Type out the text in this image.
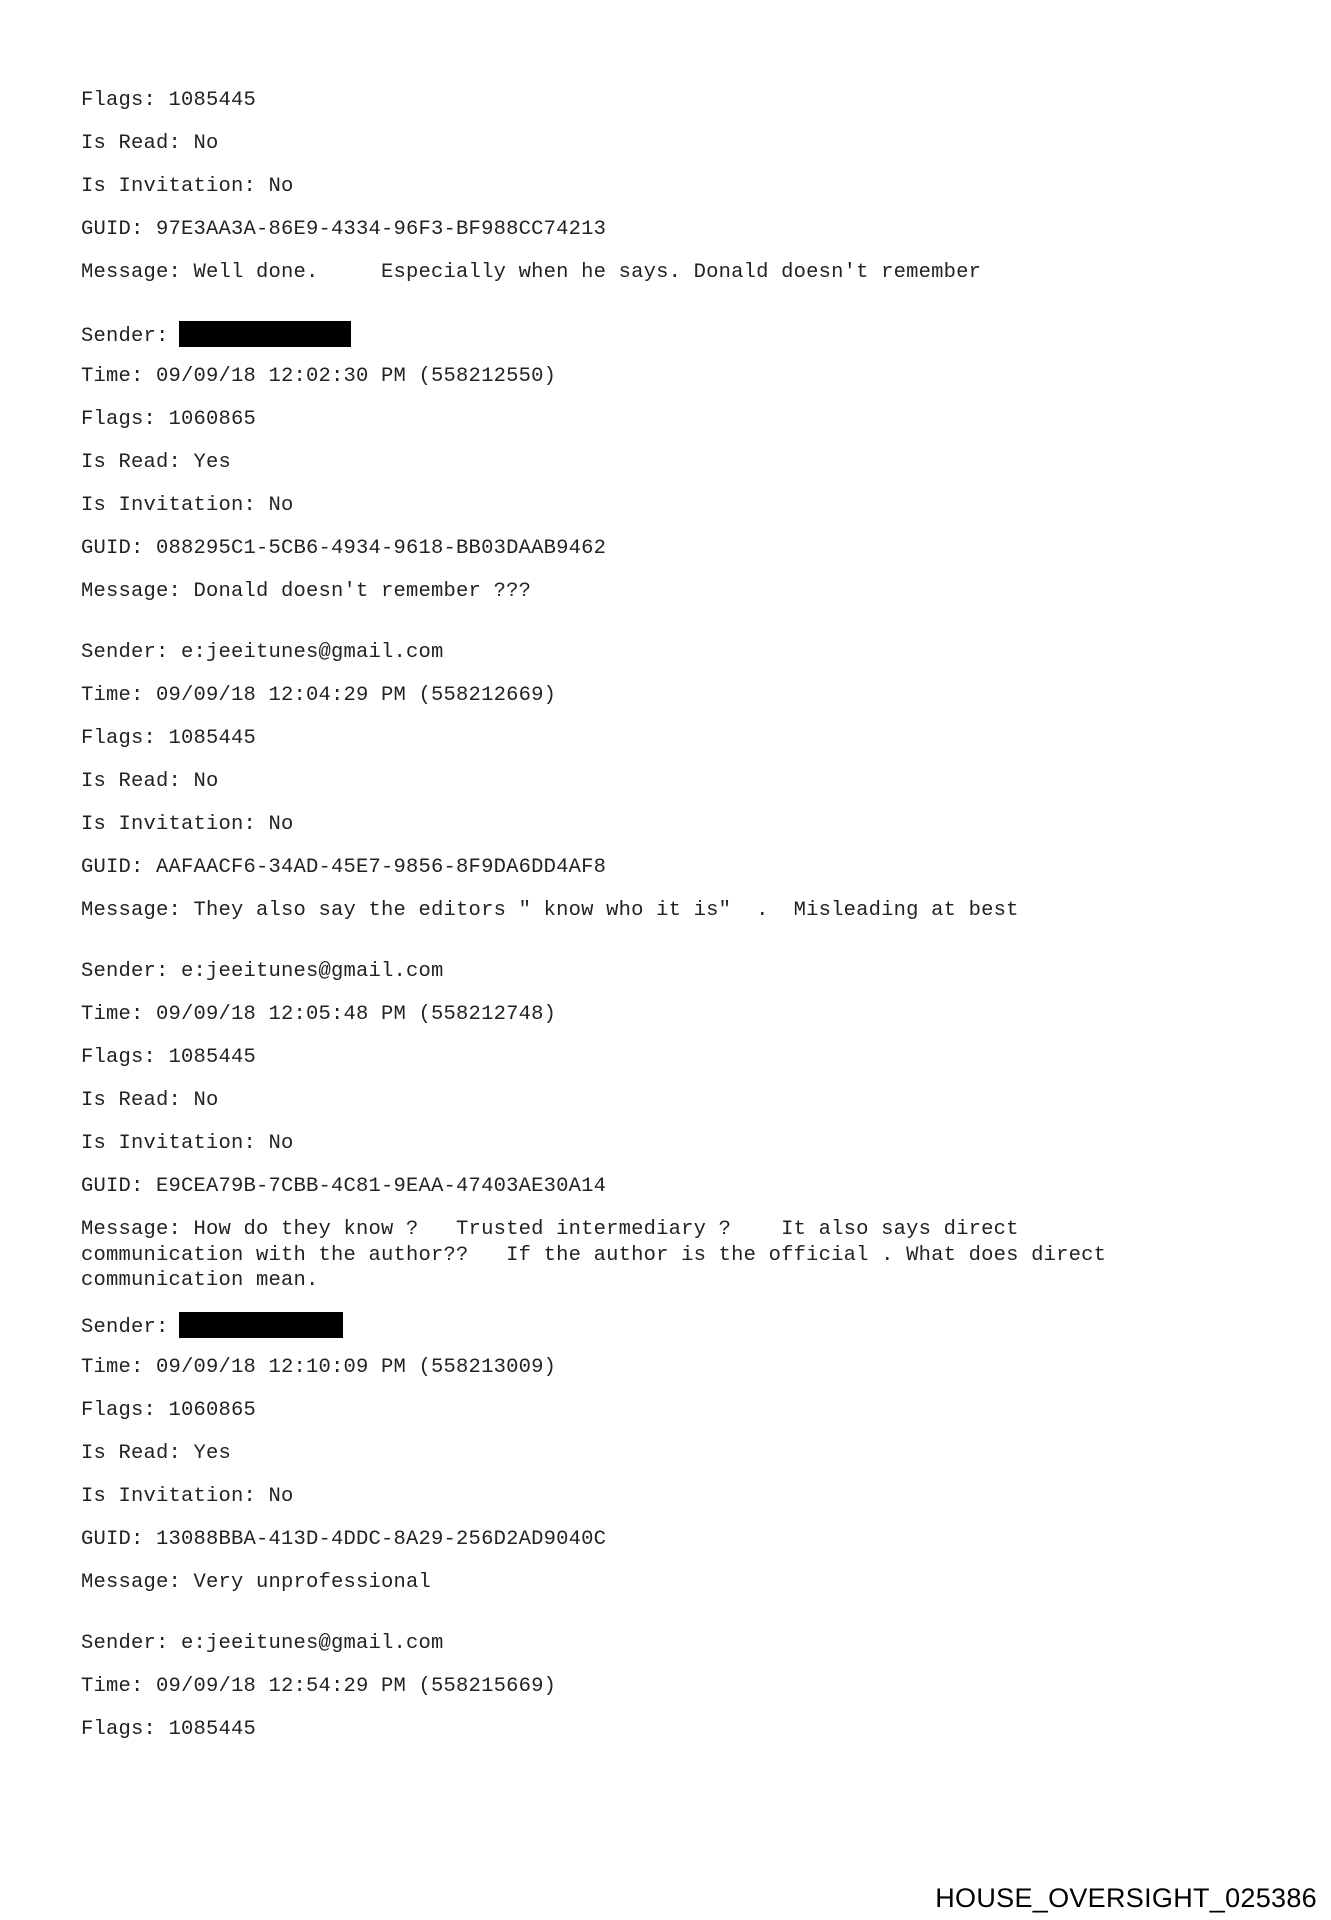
Flags: 1085445
Is Read: No
Is Invitation: No
GUID: 97E3AA3A-86E9-4334-96F3-BF988CC74213
Message: Well done.     Especially when he says. Donald doesn't remember
Sender:
Time: 09/09/18 12:02:30 PM (558212550)
Flags: 1060865
Is Read: Yes
Is Invitation: No
GUID: 088295C1-5CB6-4934-9618-BB03DAAB9462
Message: Donald doesn't remember ???
Sender: e:jeeitunes@gmail.com
Time: 09/09/18 12:04:29 PM (558212669)
Flags: 1085445
Is Read: No
Is Invitation: No
GUID: AAFAACF6-34AD-45E7-9856-8F9DA6DD4AF8
Message: They also say the editors " know who it is"  .  Misleading at best
Sender: e:jeeitunes@gmail.com
Time: 09/09/18 12:05:48 PM (558212748)
Flags: 1085445
Is Read: No
Is Invitation: No
GUID: E9CEA79B-7CBB-4C81-9EAA-47403AE30A14
Message: How do they know ?   Trusted intermediary ?    It also says direct
communication with the author??   If the author is the official . What does direct
communication mean.
Sender:
Time: 09/09/18 12:10:09 PM (558213009)
Flags: 1060865
Is Read: Yes
Is Invitation: No
GUID: 13088BBA-413D-4DDC-8A29-256D2AD9040C
Message: Very unprofessional
Sender: e:jeeitunes@gmail.com
Time: 09/09/18 12:54:29 PM (558215669)
Flags: 1085445
HOUSE_OVERSIGHT_025386
